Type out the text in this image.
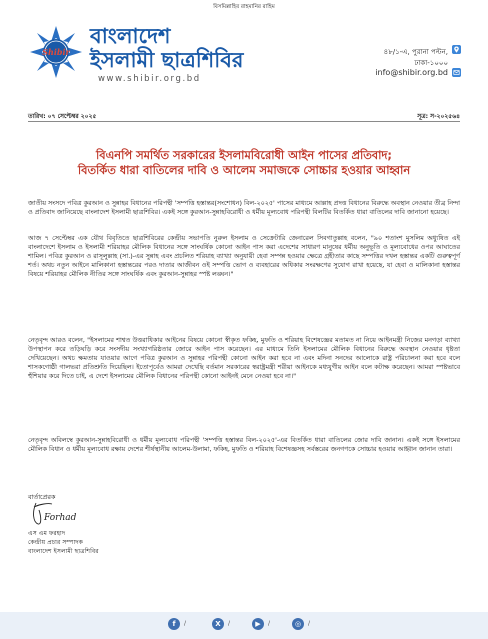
বিসমিল্লাহির রাহমানির রাহিম
Shibir
বাংলাদেশ
ইসলামী ছাত্রশিবির
www.shibir.org.bd
৪৮/১-এ, পুরানা পল্টন,
ঢাকা-১০০০
info@shibir.org.bd
তারিখ: ০৭ সেপ্টেম্বর ২০২৫	সূত্র: স-২০২৫৬৪
বিএনপি সমর্থিত সরকারের ইসলামবিরোধী আইন পাসের প্রতিবাদ;
বিতর্কিত ধারা বাতিলের দাবি ও আলেম সমাজকে সোচ্চার হওয়ার আহ্বান
জাতীয় সংসদে পবিত্র কুরআন ও সুন্নাহর বিধানের পরিপন্থী 'সম্পত্তি হস্তান্তর(সংশোধন) বিল-২০২৫' পাসের মাধ্যমে আল্লাহ প্রদত্ত বিধানের বিরুদ্ধে অবস্থান নেওয়ার তীব্র নিন্দা ও প্রতিবাদ জানিয়েছে বাংলাদেশ ইসলামী ছাত্রশিবির। একই সঙ্গে কুরআন-সুন্নাহবিরোধী ও ধর্মীয় মূল্যবোধ পরিপন্থী বিলটির বিতর্কিত ধারা বাতিলের দাবি জানানো হয়েছে।
আজ ৭ সেপ্টেম্বর এক যৌথ বিবৃতিতে ছাত্রশিবিরের কেন্দ্রীয় সভাপতি নুরুল ইসলাম ও সেক্রেটারি জেনারেল সিবগাতুল্লাহ বলেন, "৯০ শতাংশ মুসলিম অধ্যুষিত এই বাংলাদেশে ইসলাম ও ইসলামী শরিয়াহর মৌলিক বিধানের সঙ্গে সাংঘর্ষিক কোনো আইন পাস করা এদেশের সাধারণ মানুষের ধর্মীয় অনুভূতি ও মূল্যবোধের ওপর আঘাতের শামিল। পবিত্র কুরআন ও রাসূলুল্লাহ (সা.)-এর সুন্নাহ এবং প্রচলিত শরিয়াহ ব্যাখ্যা অনুযায়ী হেবা সম্পন্ন হওয়ার ক্ষেত্রে গ্রহীতার কাছে সম্পত্তির দখল হস্তান্তর একটি গুরুত্বপূর্ণ শর্ত। অথচ নতুন আইনে মালিকানা হস্তান্তরের পরও দাতার আজীবন ওই সম্পত্তি ভোগ ও ব্যবহারের অধিকার সংরক্ষণের সুযোগ রাখা হয়েছে, যা হেবা ও মালিকানা হস্তান্তর বিষয়ে শরিয়াহর মৌলিক নীতির সঙ্গে সাংঘর্ষিক এবং কুরআন-সুন্নাহর স্পষ্ট লঙ্ঘন।"
নেতৃবৃন্দ আরও বলেন, "ইসলামের শাশ্বত উত্তরাধিকার আইনের বিষয়ে কোনো স্বীকৃত ফকিহ, মুফতি ও শরিয়াহ বিশেষজ্ঞের মতামত না নিয়ে আইনমন্ত্রী নিজের মনগড়া ব্যাখ্যা উপস্থাপন করে তড়িঘড়ি করে সংসদীয় সংখ্যাগরিষ্ঠতার জোরে আইন পাস করেছেন। এর মাধ্যমে তিনি ইসলামের মৌলিক বিধানের বিরুদ্ধে অবস্থান নেওয়ার ধৃষ্টতা দেখিয়েছেন। অথচ ক্ষমতায় যাওয়ার আগে পবিত্র কুরআন ও সুন্নাহর পরিপন্থী কোনো আইন করা হবে না এবং মদিনা সনদের আলোকে রাষ্ট্র পরিচালনা করা হবে বলে শাসকগোষ্ঠী গালভরা প্রতিশ্রুতি দিয়েছিল। ইতোপূর্বেও আমরা দেখেছি বর্তমান সরকারের স্বরাষ্ট্রমন্ত্রী শরীয়া আইনকে মধ্যযুগীয় আইন বলে কটাক্ষ করেছেন। আমরা স্পষ্টভাবে হুঁশিয়ার করে দিতে চাই, এ দেশে ইসলামের মৌলিক বিধানের পরিপন্থী কোনো আইনই মেনে নেওয়া হবে না।"
নেতৃবৃন্দ অবিলম্বে কুরআন-সুন্নাহবিরোধী ও ধর্মীয় মূল্যবোধ পরিপন্থী 'সম্পত্তি হস্তান্তর বিল-২০২৫'-এর বিতর্কিত ধারা বাতিলের জোর দাবি জানান। একই সঙ্গে ইসলামের মৌলিক বিধান ও ধর্মীয় মূল্যবোধ রক্ষায় দেশের শীর্ষস্থানীয় আলেম-উলামা, ফকিহ, মুফতি ও শরিয়াহ বিশেষজ্ঞসহ সর্বস্তরের জনগণকে সোচ্চার হওয়ার আহ্বান জানান তারা।
বার্তাপ্রেরক
Forhad
এস এম ফরহাদ
কেন্দ্রীয় প্রচার সম্পাদক
বাংলাদেশ ইসলামী ছাত্রশিবির
f	/	X	/	▶	/	◎	/
